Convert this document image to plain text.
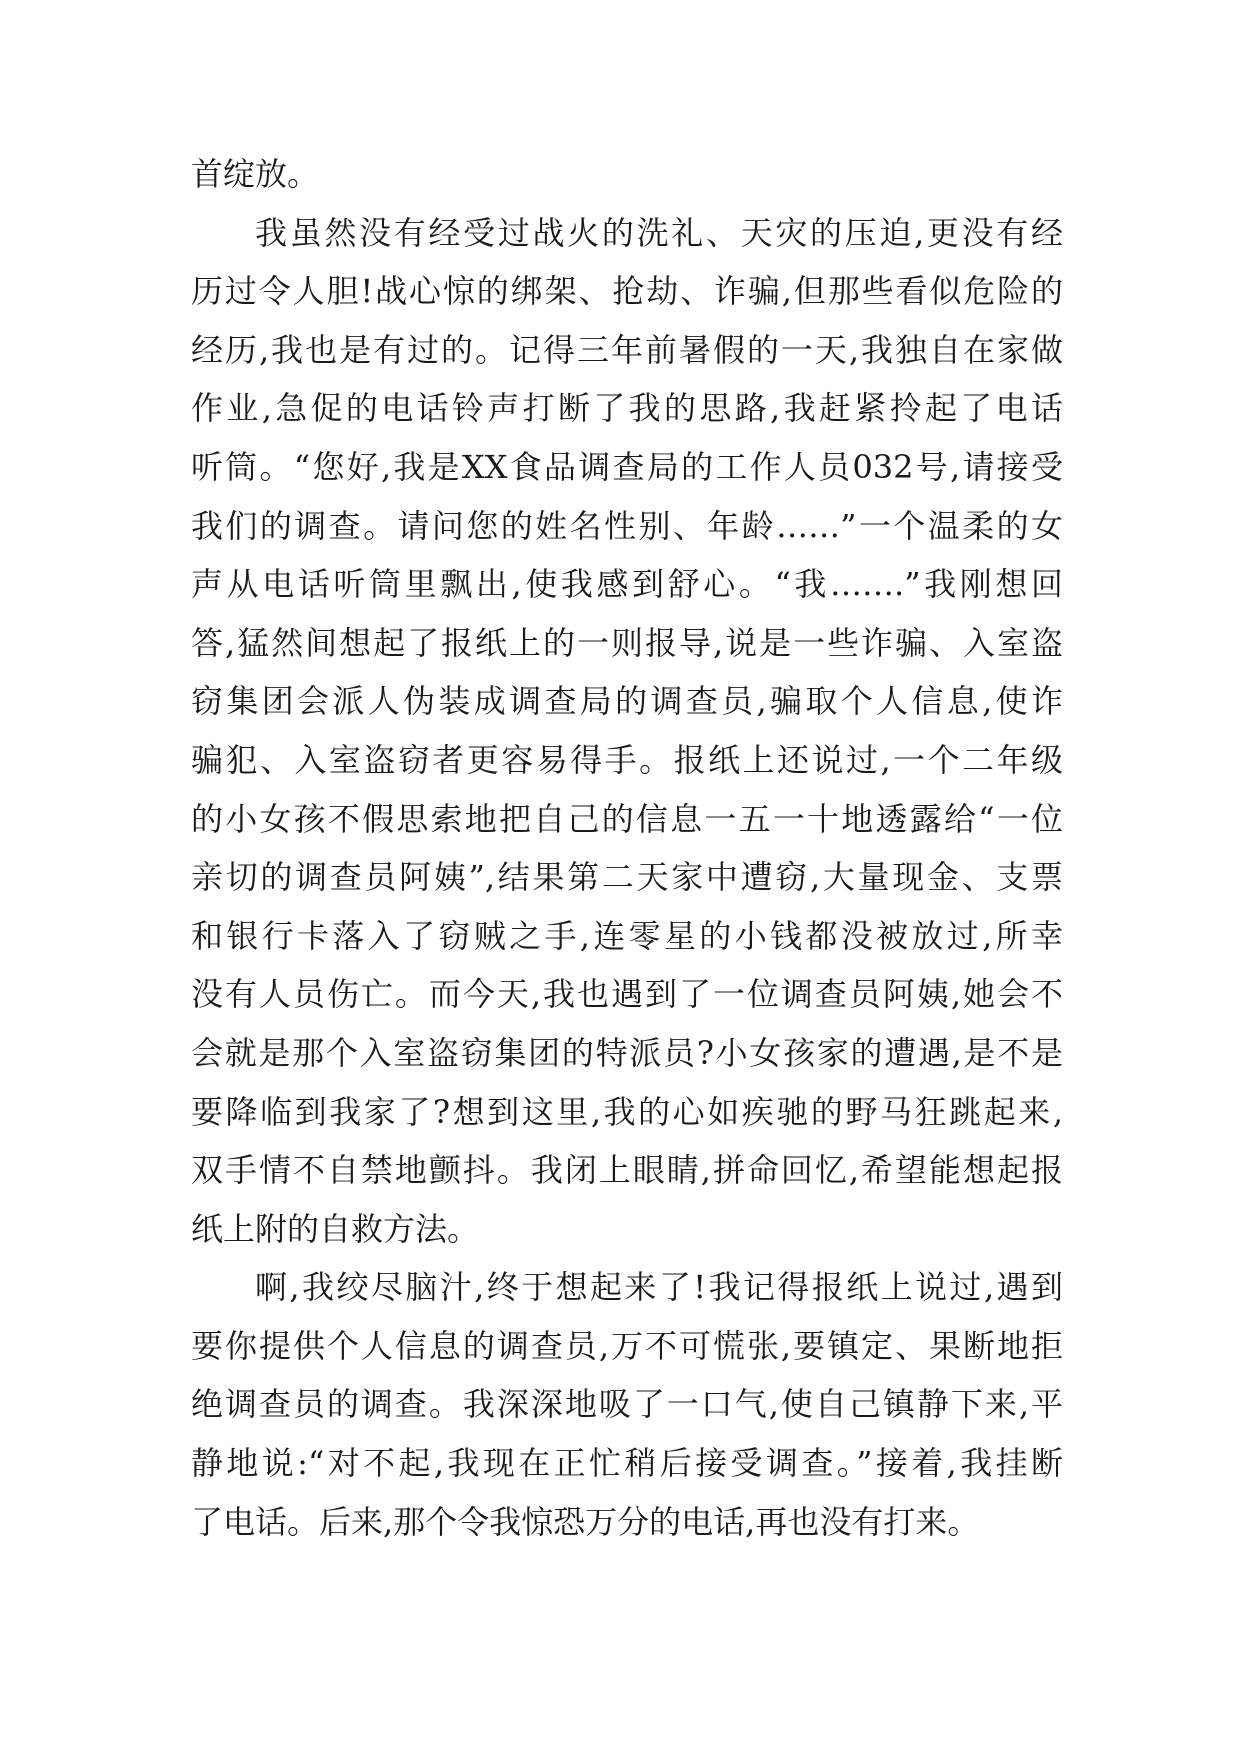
首绽放。
我虽然没有经受过战火的洗礼、天灾的压迫,更没有经
历过令人胆!战心惊的绑架、抢劫、诈骗,但那些看似危险的
经历,我也是有过的。记得三年前暑假的一天,我独自在家做
作业,急促的电话铃声打断了我的思路,我赶紧拎起了电话
听筒。“您好,我是XX食品调查局的工作人员032号,请接受
我们的调查。请问您的姓名性别、年龄……”一个温柔的女
声从电话听筒里飘出,使我感到舒心。“我…….”我刚想回
答,猛然间想起了报纸上的一则报导,说是一些诈骗、入室盗
窃集团会派人伪装成调查局的调查员,骗取个人信息,使诈
骗犯、入室盗窃者更容易得手。报纸上还说过,一个二年级
的小女孩不假思索地把自己的信息一五一十地透露给“一位
亲切的调查员阿姨”,结果第二天家中遭窃,大量现金、支票
和银行卡落入了窃贼之手,连零星的小钱都没被放过,所幸
没有人员伤亡。而今天,我也遇到了一位调查员阿姨,她会不
会就是那个入室盗窃集团的特派员?小女孩家的遭遇,是不是
要降临到我家了?想到这里,我的心如疾驰的野马狂跳起来,
双手情不自禁地颤抖。我闭上眼睛,拼命回忆,希望能想起报
纸上附的自救方法。
啊,我绞尽脑汁,终于想起来了!我记得报纸上说过,遇到
要你提供个人信息的调查员,万不可慌张,要镇定、果断地拒
绝调查员的调查。我深深地吸了一口气,使自己镇静下来,平
静地说:“对不起,我现在正忙稍后接受调查。”接着,我挂断
了电话。后来,那个令我惊恐万分的电话,再也没有打来。
